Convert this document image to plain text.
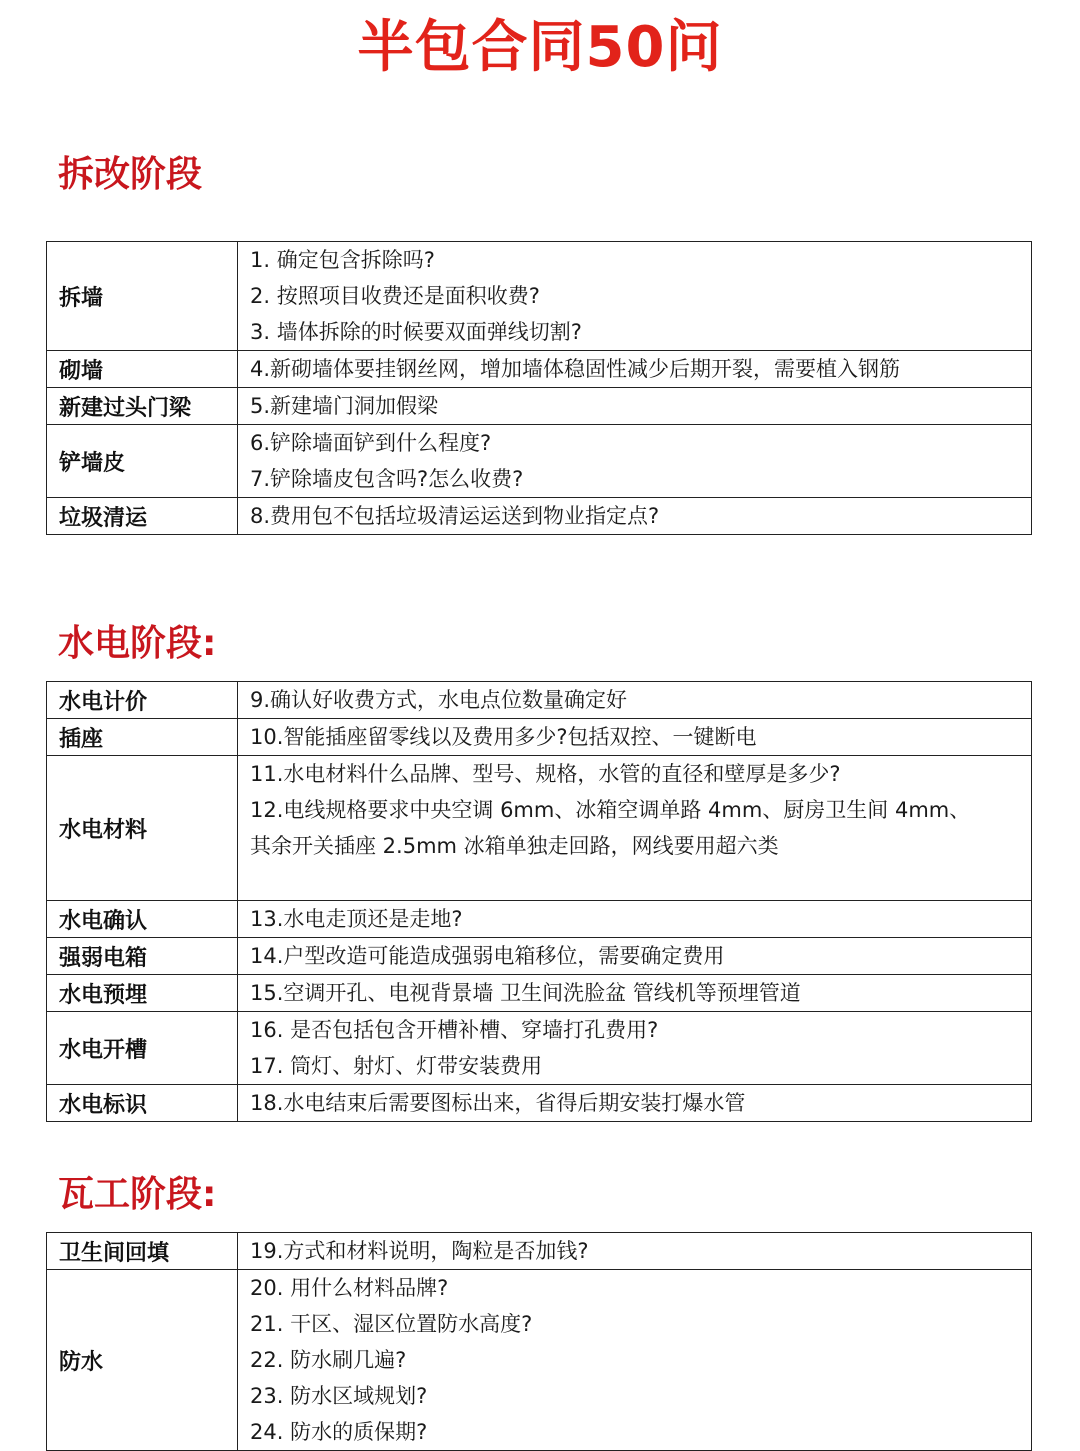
半包合同50问
拆改阶段
拆墙	1. 确定包含拆除吗?
2. 按照项目收费还是面积收费?
3. 墙体拆除的时候要双面弹线切割?

砌墙	4.新砌墙体要挂钢丝网，增加墙体稳固性减少后期开裂，需要植入钢筋

新建过头门梁	5.新建墙门洞加假梁

铲墙皮	6.铲除墙面铲到什么程度?
7.铲除墙皮包含吗?怎么收费?

垃圾清运	8.费用包不包括垃圾清运运送到物业指定点?
水电阶段:
水电计价	9.确认好收费方式，水电点位数量确定好

插座	10.智能插座留零线以及费用多少?包括双控、一键断电

水电材料	11.水电材料什么品牌、型号、规格，水管的直径和壁厚是多少?
12.电线规格要求中央空调 6mm、冰箱空调单路 4mm、厨房卫生间 4mm、
其余开关插座 2.5mm 冰箱单独走回路，网线要用超六类

水电确认	13.水电走顶还是走地?

强弱电箱	14.户型改造可能造成强弱电箱移位，需要确定费用

水电预埋	15.空调开孔、电视背景墙 卫生间洗脸盆 管线机等预埋管道

水电开槽	16. 是否包括包含开槽补槽、穿墙打孔费用?
17. 筒灯、射灯、灯带安装费用

水电标识	18.水电结束后需要图标出来，省得后期安装打爆水管
瓦工阶段:
卫生间回填	19.方式和材料说明，陶粒是否加钱?

防水	20. 用什么材料品牌?
21. 干区、湿区位置防水高度?
22. 防水刷几遍?
23. 防水区域规划?
24. 防水的质保期?
